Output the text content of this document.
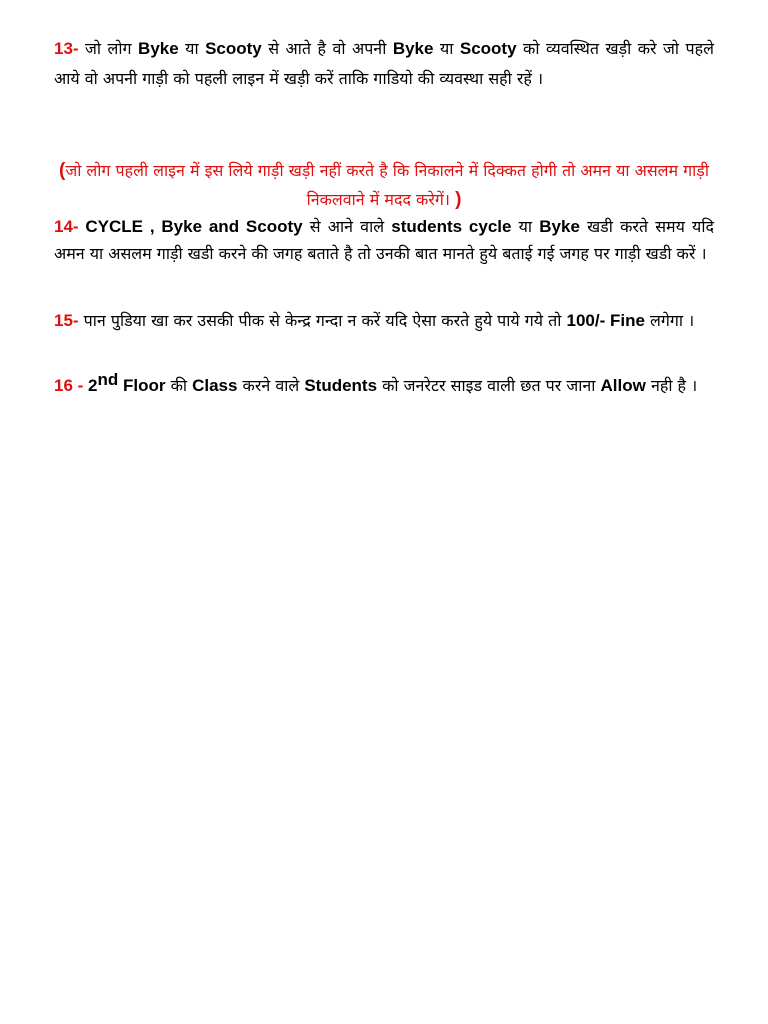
13- जो लोग Byke या Scooty से आते है वो अपनी Byke या Scooty को व्यवस्थित खड़ी करे जो पहले आये वो अपनी गाड़ी को पहली लाइन में खड़ी करें ताकि गाडियो की व्यवस्था सही रहें ।

(जो लोग पहली लाइन में इस लिये गाड़ी खड़ी नहीं करते है कि निकालने में दिक्कत होगी तो अमन या असलम गाड़ी निकलवाने में मदद करेगें। )

14- CYCLE , Byke and Scooty से आने वाले students cycle या Byke खडी करते समय यदि अमन या असलम गाड़ी खडी करने की जगह बताते है तो उनकी बात मानते हुये बताई गई जगह पर गाड़ी खडी करें ।

15- पान पुडिया खा कर उसकी पीक से केन्द्र गन्दा न करें यदि ऐसा करते हुये पाये गये तो 100/- Fine लगेगा ।

16 - 2nd Floor की Class करने वाले Students को जनरेटर साइड वाली छत पर जाना Allow नही है ।
